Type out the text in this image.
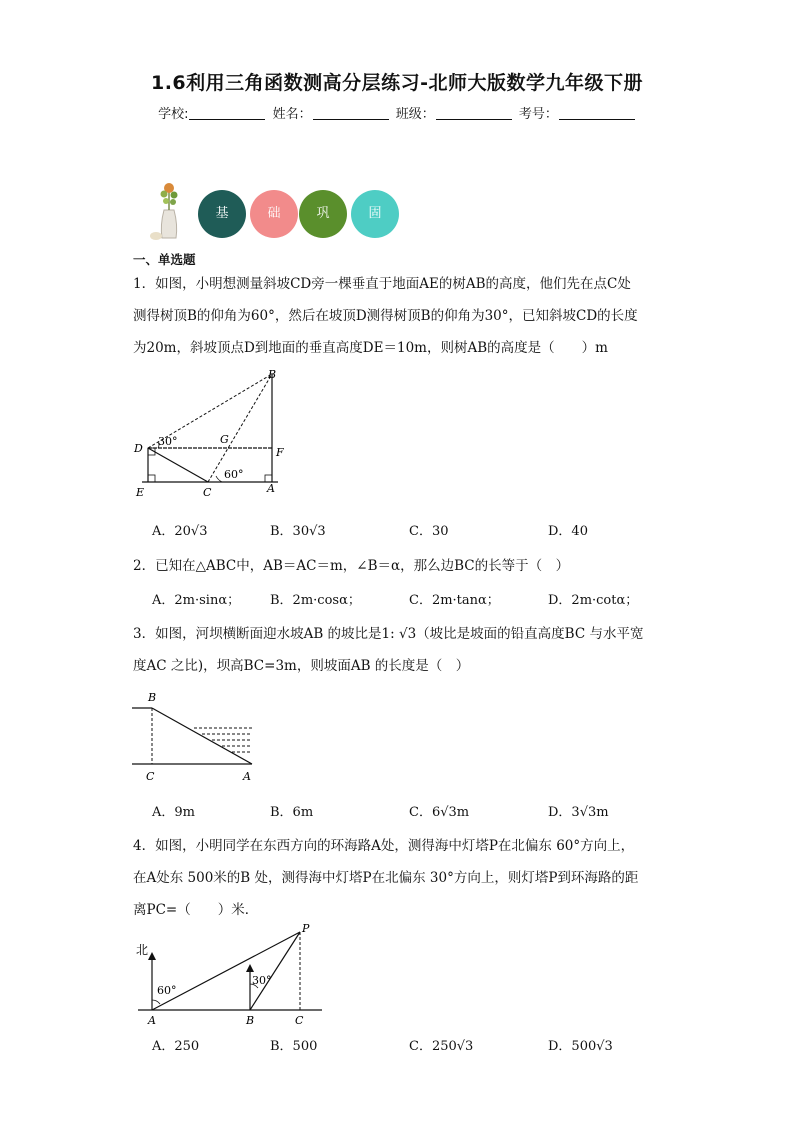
1.6利用三角函数测高分层练习-北师大版数学九年级下册
学校:	姓名：	班级：	考号：
基	础	巩	固
一、单选题
1．如图，小明想测量斜坡CD旁一棵垂直于地面AE的树AB的高度，他们先在点C处
测得树顶B的仰角为60°，然后在坡顶D测得树顶B的仰角为30°，已知斜坡CD的长度
为20m，斜坡顶点D到地面的垂直高度DE＝10m，则树AB的高度是（　　）m
B
D
30°	G
F
60°
E	C	A
A．20√3	B．30√3	C．30	D．40
2．已知在△ABC中，AB＝AC＝m，∠B＝α，那么边BC的长等于（　）
A．2m·sinα； B．2m·cosα；	C．2m·tanα；	D．2m·cotα；
3．如图，河坝横断面迎水坡AB 的坡比是1: √3（坡比是坡面的铅直高度BC 与水平宽
度AC 之比)，坝高BC=3m，则坡面AB 的长度是（　）
B
C	A
A．9m	B．6m	C．6√3m	D．3√3m
4．如图，小明同学在东西方向的环海路A处，测得海中灯塔P在北偏东 60°方向上，
在A处东 500米的B 处，测得海中灯塔P在北偏东 30°方向上，则灯塔P到环海路的距
离PC=（　　）米．
北
P
60°
30°
A	B	C
A．250	B．500	C．250√3	D．500√3
